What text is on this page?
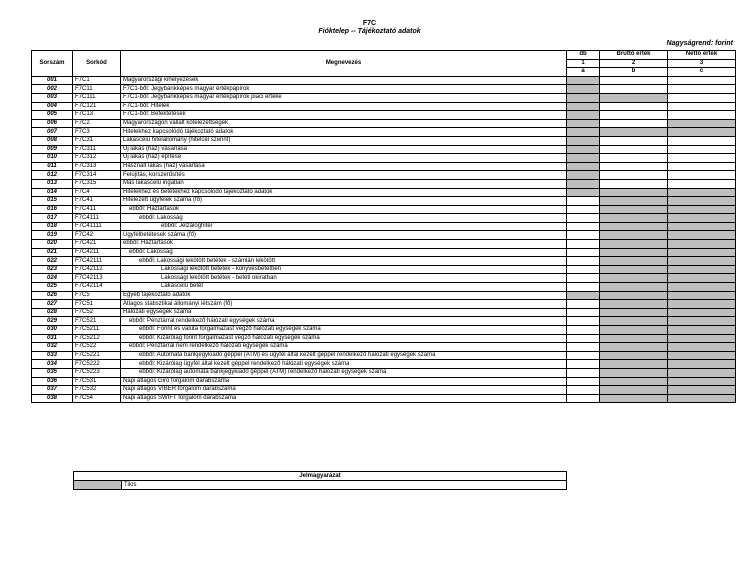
F7C
Fióktelep -- Tájékoztató adatok
Nagyságrend: forint
Sorszám	Sorkód	Megnevezés	db	Bruttó érték	Nettó érték
			1	2	3
			a	b	c
001	F7C1	Magyarországi kihelyezések			
002	F7C11	F7C1-ből: Jegybankképes magyar értékpapírok			
003	F7C111	F7C1-ből: Jegybankképes magyar értékpapírok piaci értéke			
004	F7C121	F7C1-ből: Hitelek			
005	F7C13	F7C1-ből: Befektetések			
006	F7C2	Magyarországon vállalt kötelezettségek			
007	F7C3	Hitelekhez kapcsolódó tájékoztató adatok			
008	F7C31	Lakáscélú hitelállomány (hitelcél szerint)			
009	F7C311	Új lakás (ház) vásárlása			
010	F7C312	Új lakás (ház) építése			
011	F7C313	Használt lakás (ház) vásárlása			
012	F7C314	Felújítás, korszerűsítés			
013	F7C315	Más lakáscélú ingatlan			
014	F7C4	Hitelekhez és betétekhez kapcsolódó tájékoztató adatok			
015	F7C41	Hitelezett ügyfelek száma (fő)			
016	F7C411	ebből: Háztartások			
017	F7C4111	ebből: Lakosság			
018	F7C41111	ebből: Jelzáloghitel			
019	F7C42	Ügyfélbetétesek száma (fő)			
020	F7C421	ebből: Háztartások			
021	F7C4211	ebből: Lakosság			
022	F7C42111	ebből: Lakossági lekötött betétek - számlán lekötött			
023	F7C42112	Lakossági lekötött betétek - könyvesbetétben			
024	F7C42113	Lakossági lekötött betétek - betéti okiratban			
025	F7C42114	Lakáscélú betét			
026	F7C5	Egyéb tájékoztató adatok			
027	F7C51	Átlagos statisztikai állományi létszám (fő)			
028	F7C52	Hálózati egységek száma			
029	F7C521	ebből: Pénztárral rendelkező hálózati egységek száma			
030	F7C5211	ebből: Forint és valuta forgalmazást végző hálózati egységek száma			
031	F7C5212	ebből: Kizárólag forint forgalmazást végző hálózati egységek száma			
032	F7C522	ebből: Pénztárral nem rendelkező hálózati egységek száma			
033	F7C5221	ebből: Automata bankjegykiadó géppel (ATM) és ügyfél által kezelt géppel rendelkező hálózati egységek száma			
034	F7C5222	ebből: Kizárólag ügyfél által kezelt géppel rendelkező hálózati egységek száma			
035	F7C5223	ebből: Kizárólag automata bankjegykiadó géppel (ATM) rendelkező hálózati egységek száma			
036	F7C531	Napi átlagos Giro forgalom darabszáma			
037	F7C532	Napi átlagos VIBER forgalom darabszáma			
038	F7C54	Napi átlagos SWIFT forgalom darabszáma			
Jelmagyarázat
	Tilos
